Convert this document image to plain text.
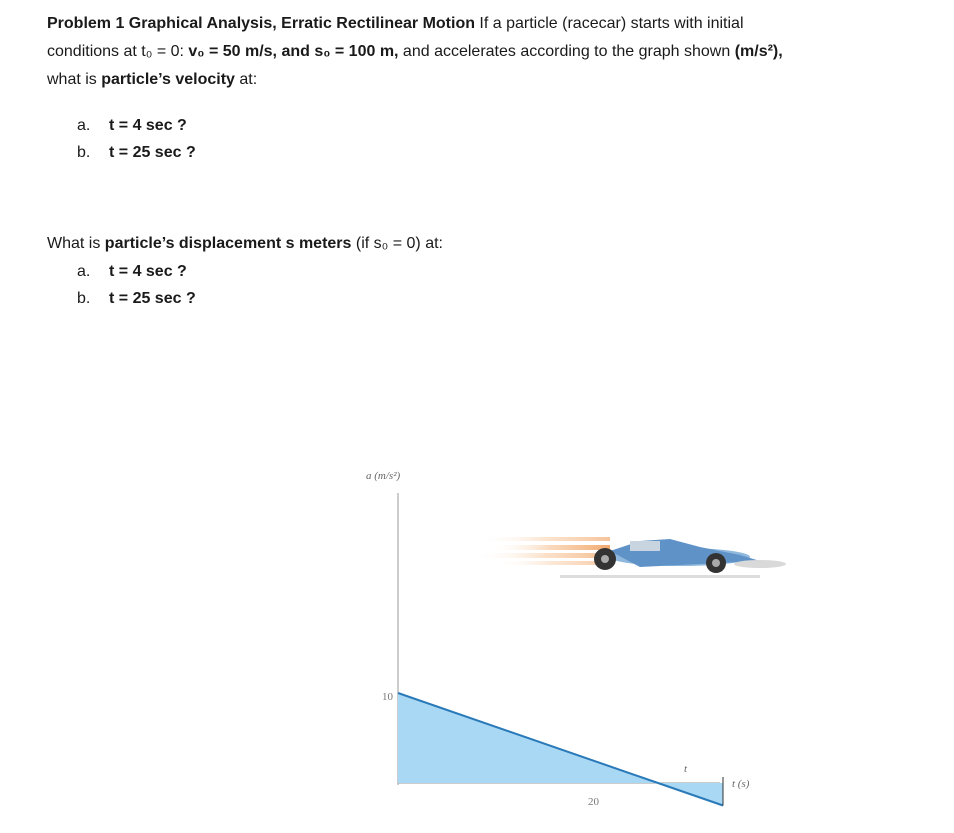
Problem 1 Graphical Analysis, Erratic Rectilinear Motion If a particle (racecar) starts with initial
conditions at t₀ = 0: v₀ = 50 m/s, and s₀ = 100 m, and accelerates according to the graph shown (m/s²),
what is particle’s velocity at:
a. t = 4 sec ?
b. t = 25 sec ?
What is particle’s displacement s meters (if s₀ = 0) at:
a. t = 4 sec ?
b. t = 25 sec ?
a (m/s²)
t (s)
t
10
20
